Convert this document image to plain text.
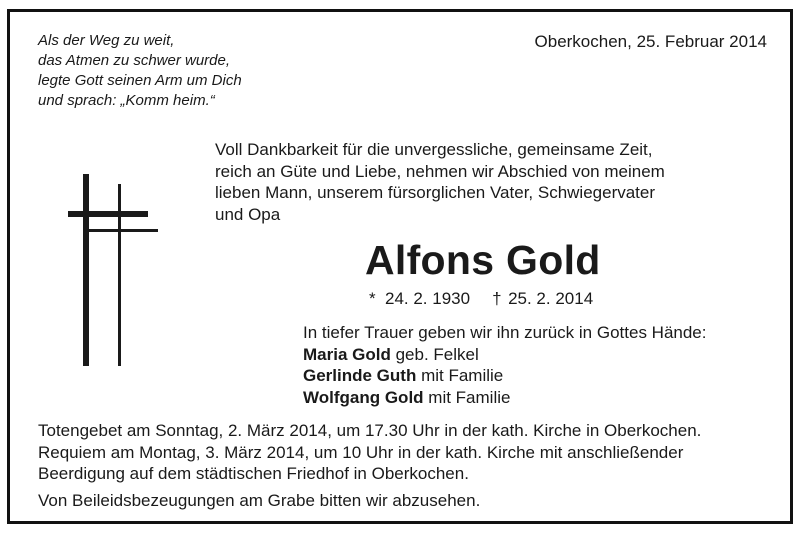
Als der Weg zu weit,
das Atmen zu schwer wurde,
legte Gott seinen Arm um Dich
und sprach: „Komm heim.“
Oberkochen, 25. Februar 2014
Voll Dankbarkeit für die unvergessliche, gemeinsame Zeit,
reich an Güte und Liebe, nehmen wir Abschied von meinem
lieben Mann, unserem fürsorglichen Vater, Schwiegervater
und Opa
Alfons Gold
* 24. 2. 1930 † 25. 2. 2014
In tiefer Trauer geben wir ihn zurück in Gottes Hände:
Maria Gold geb. Felkel
Gerlinde Guth mit Familie
Wolfgang Gold mit Familie
Totengebet am Sonntag, 2. März 2014, um 17.30 Uhr in der kath. Kirche in Oberkochen.
Requiem am Montag, 3. März 2014, um 10 Uhr in der kath. Kirche mit anschließender
Beerdigung auf dem städtischen Friedhof in Oberkochen.
Von Beileidsbezeugungen am Grabe bitten wir abzusehen.
